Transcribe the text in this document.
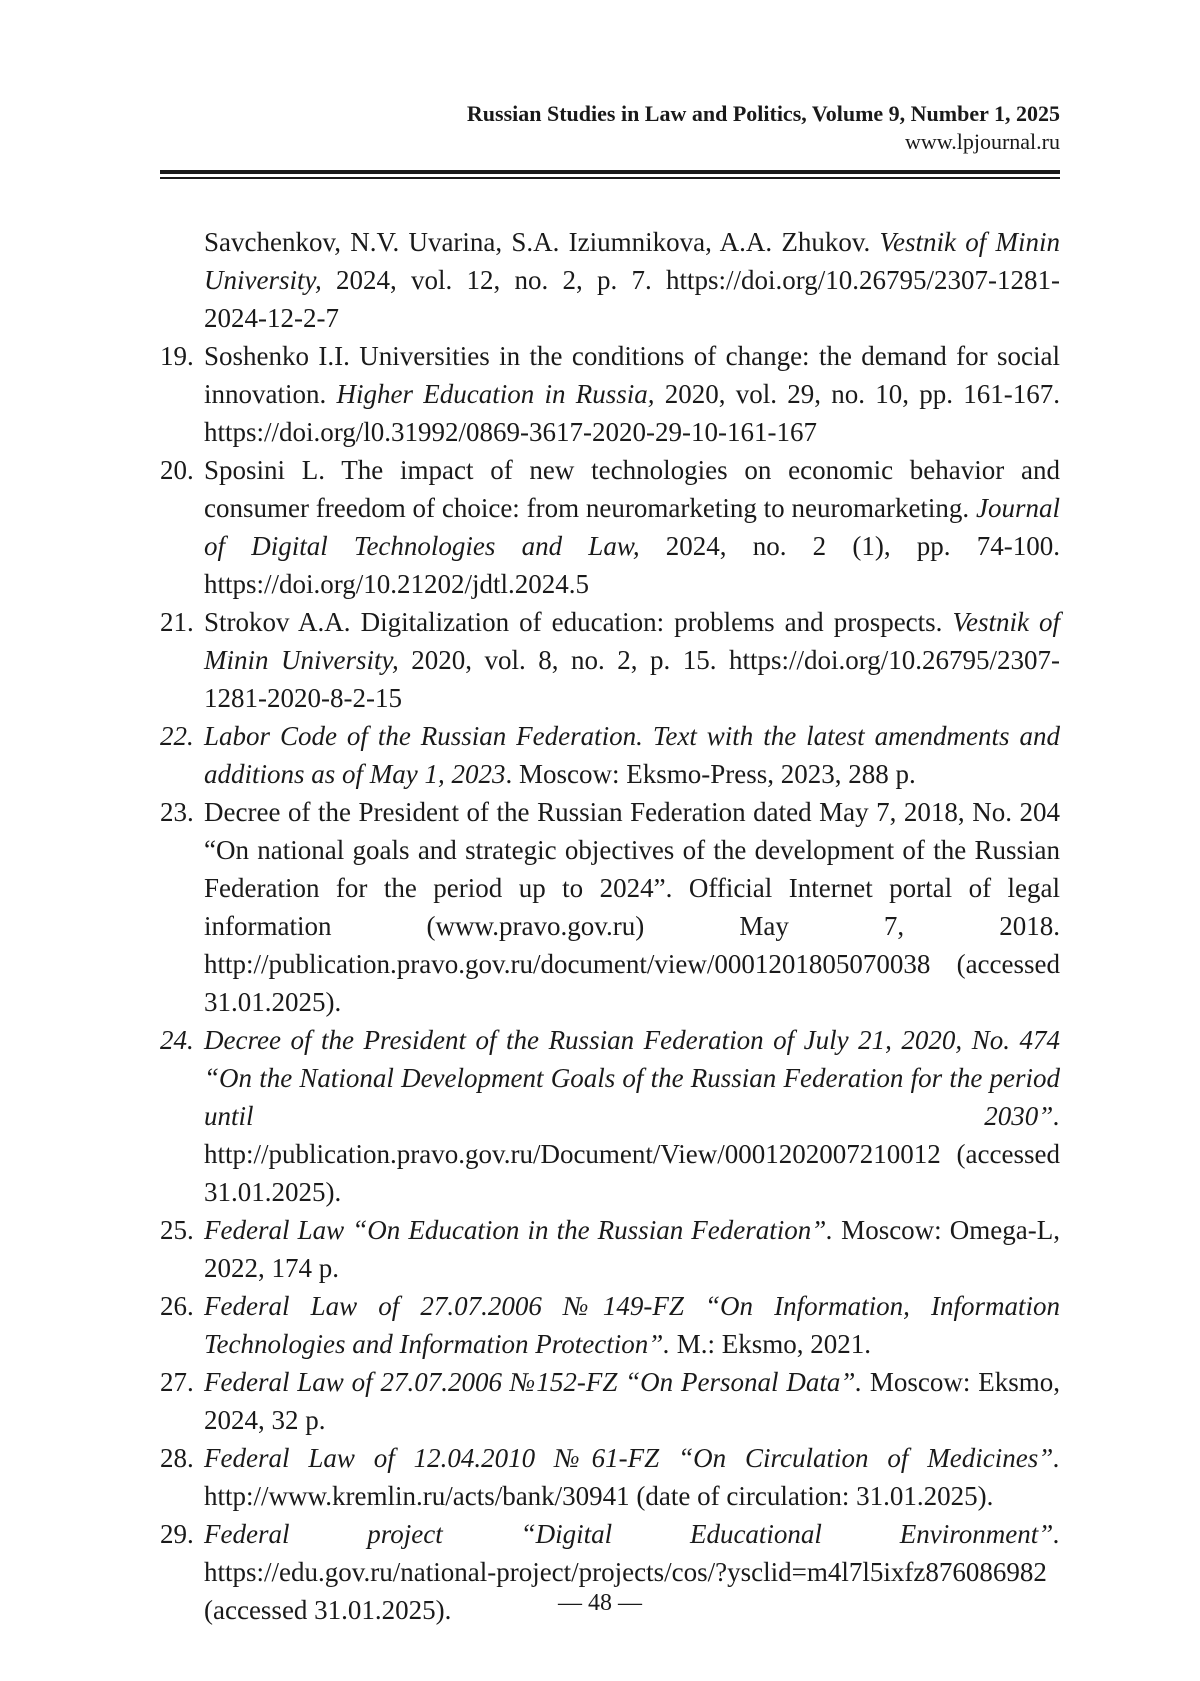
Russian Studies in Law and Politics, Volume 9, Number 1, 2025
www.lpjournal.ru
Savchenkov, N.V. Uvarina, S.A. Iziumnikova, A.A. Zhukov. Vestnik of Minin University, 2024, vol. 12, no. 2, p. 7. https://doi.org/10.26795/2307-1281-2024-12-2-7
19. Soshenko I.I. Universities in the conditions of change: the demand for social innovation. Higher Education in Russia, 2020, vol. 29, no. 10, pp. 161-167. https://doi.org/l0.31992/0869-3617-2020-29-10-161-167
20. Sposini L. The impact of new technologies on economic behavior and consumer freedom of choice: from neuromarketing to neuromarketing. Journal of Digital Technologies and Law, 2024, no. 2 (1), pp. 74-100. https://doi.org/10.21202/jdtl.2024.5
21. Strokov A.A. Digitalization of education: problems and prospects. Vestnik of Minin University, 2020, vol. 8, no. 2, p. 15. https://doi.org/10.26795/2307-1281-2020-8-2-15
22. Labor Code of the Russian Federation. Text with the latest amendments and additions as of May 1, 2023. Moscow: Eksmo-Press, 2023, 288 p.
23. Decree of the President of the Russian Federation dated May 7, 2018, No. 204 “On national goals and strategic objectives of the development of the Russian Federation for the period up to 2024”. Official Internet portal of legal information (www.pravo.gov.ru) May 7, 2018. http://publication.pravo.gov.ru/document/view/0001201805070038 (accessed 31.01.2025).
24. Decree of the President of the Russian Federation of July 21, 2020, No. 474 “On the National Development Goals of the Russian Federation for the period until 2030”. http://publication.pravo.gov.ru/Document/View/0001202007210012 (accessed 31.01.2025).
25. Federal Law “On Education in the Russian Federation”. Moscow: Omega-L, 2022, 174 p.
26. Federal Law of 27.07.2006 №149-FZ “On Information, Information Technologies and Information Protection”. M.: Eksmo, 2021.
27. Federal Law of 27.07.2006 №152-FZ “On Personal Data”. Moscow: Eksmo, 2024, 32 p.
28. Federal Law of 12.04.2010 №61-FZ “On Circulation of Medicines”. http://www.kremlin.ru/acts/bank/30941 (date of circulation: 31.01.2025).
29. Federal project “Digital Educational Environment”. https://edu.gov.ru/national-project/projects/cos/?ysclid=m4l7l5ixfz876086982 (accessed 31.01.2025).	— 48 —
